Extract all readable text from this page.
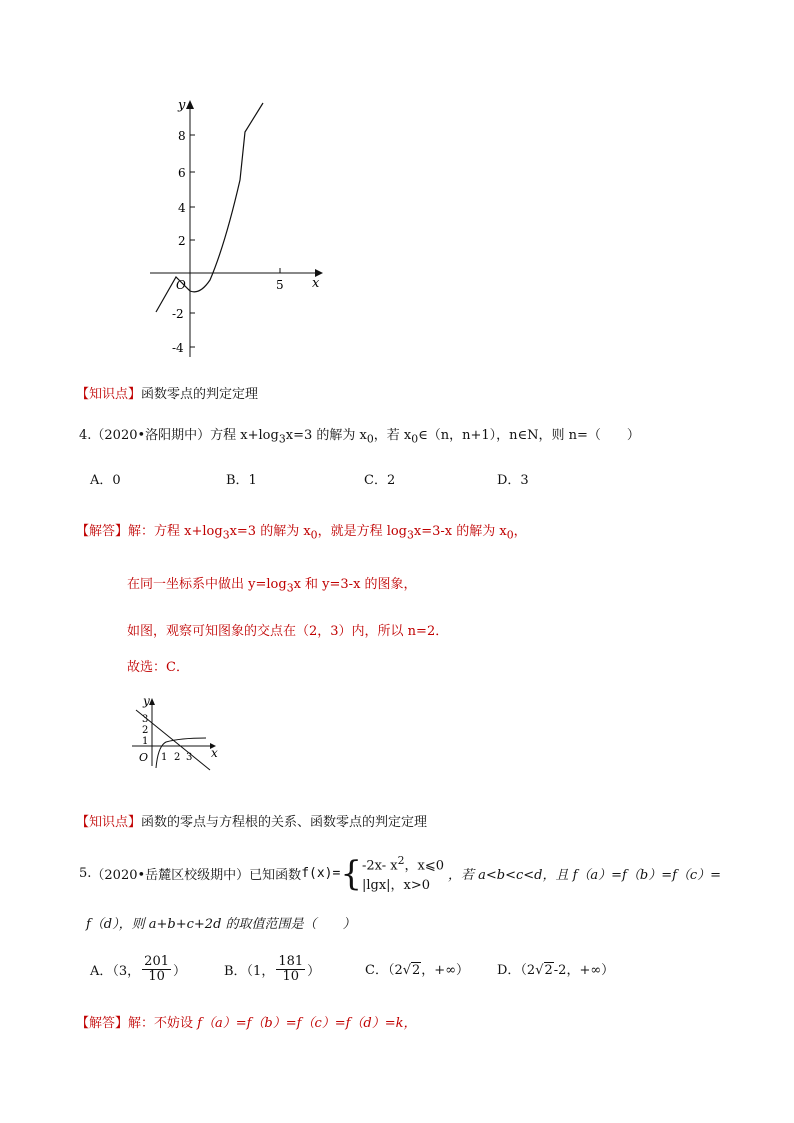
y
x
O
8
6
4
2
-2
-4
5
【知识点】函数零点的判定定理
4.（2020•洛阳期中）方程 $x+\log_3x=3$ 的解为 $x_0$，若 $x_0\in(n$，n+1），n∈N，则 n=（　　）
A．0	B．1	C．2	D．3
【解答】解：方程 $x+\log_3x=3$ 的解为 $x_0$，就是方程 $\log_3x=3-x$ 的解为 $x_0$，
在同一坐标系中做出 $y=\log_3x$ 和 y=3-x 的图象，
如图，观察可知图象的交点在（2，3）内，所以 n=2．
故选：C．
y
x
O
3
2
1
1 2 3
【知识点】函数的零点与方程根的关系、函数零点的判定定理
5. （2020•岳麓区校级期中） 已知函数 f(x)= { -2x- $x^2$，x⩽0
|lgx|，x>0
，若 a<b<c<d，且 f（a）=f（b）=f（c）=
f（d），则 a+b+c+2d 的取值范围是（　　）
A．（3， $\frac{201}{10}$ ）	B．（1， $\frac{181}{10}$ ）	C．（2√2，+∞） D．（2√2-2，+∞）
【解答】解：不妨设 f（a）=f（b）=f（c）=f（d）=k，
